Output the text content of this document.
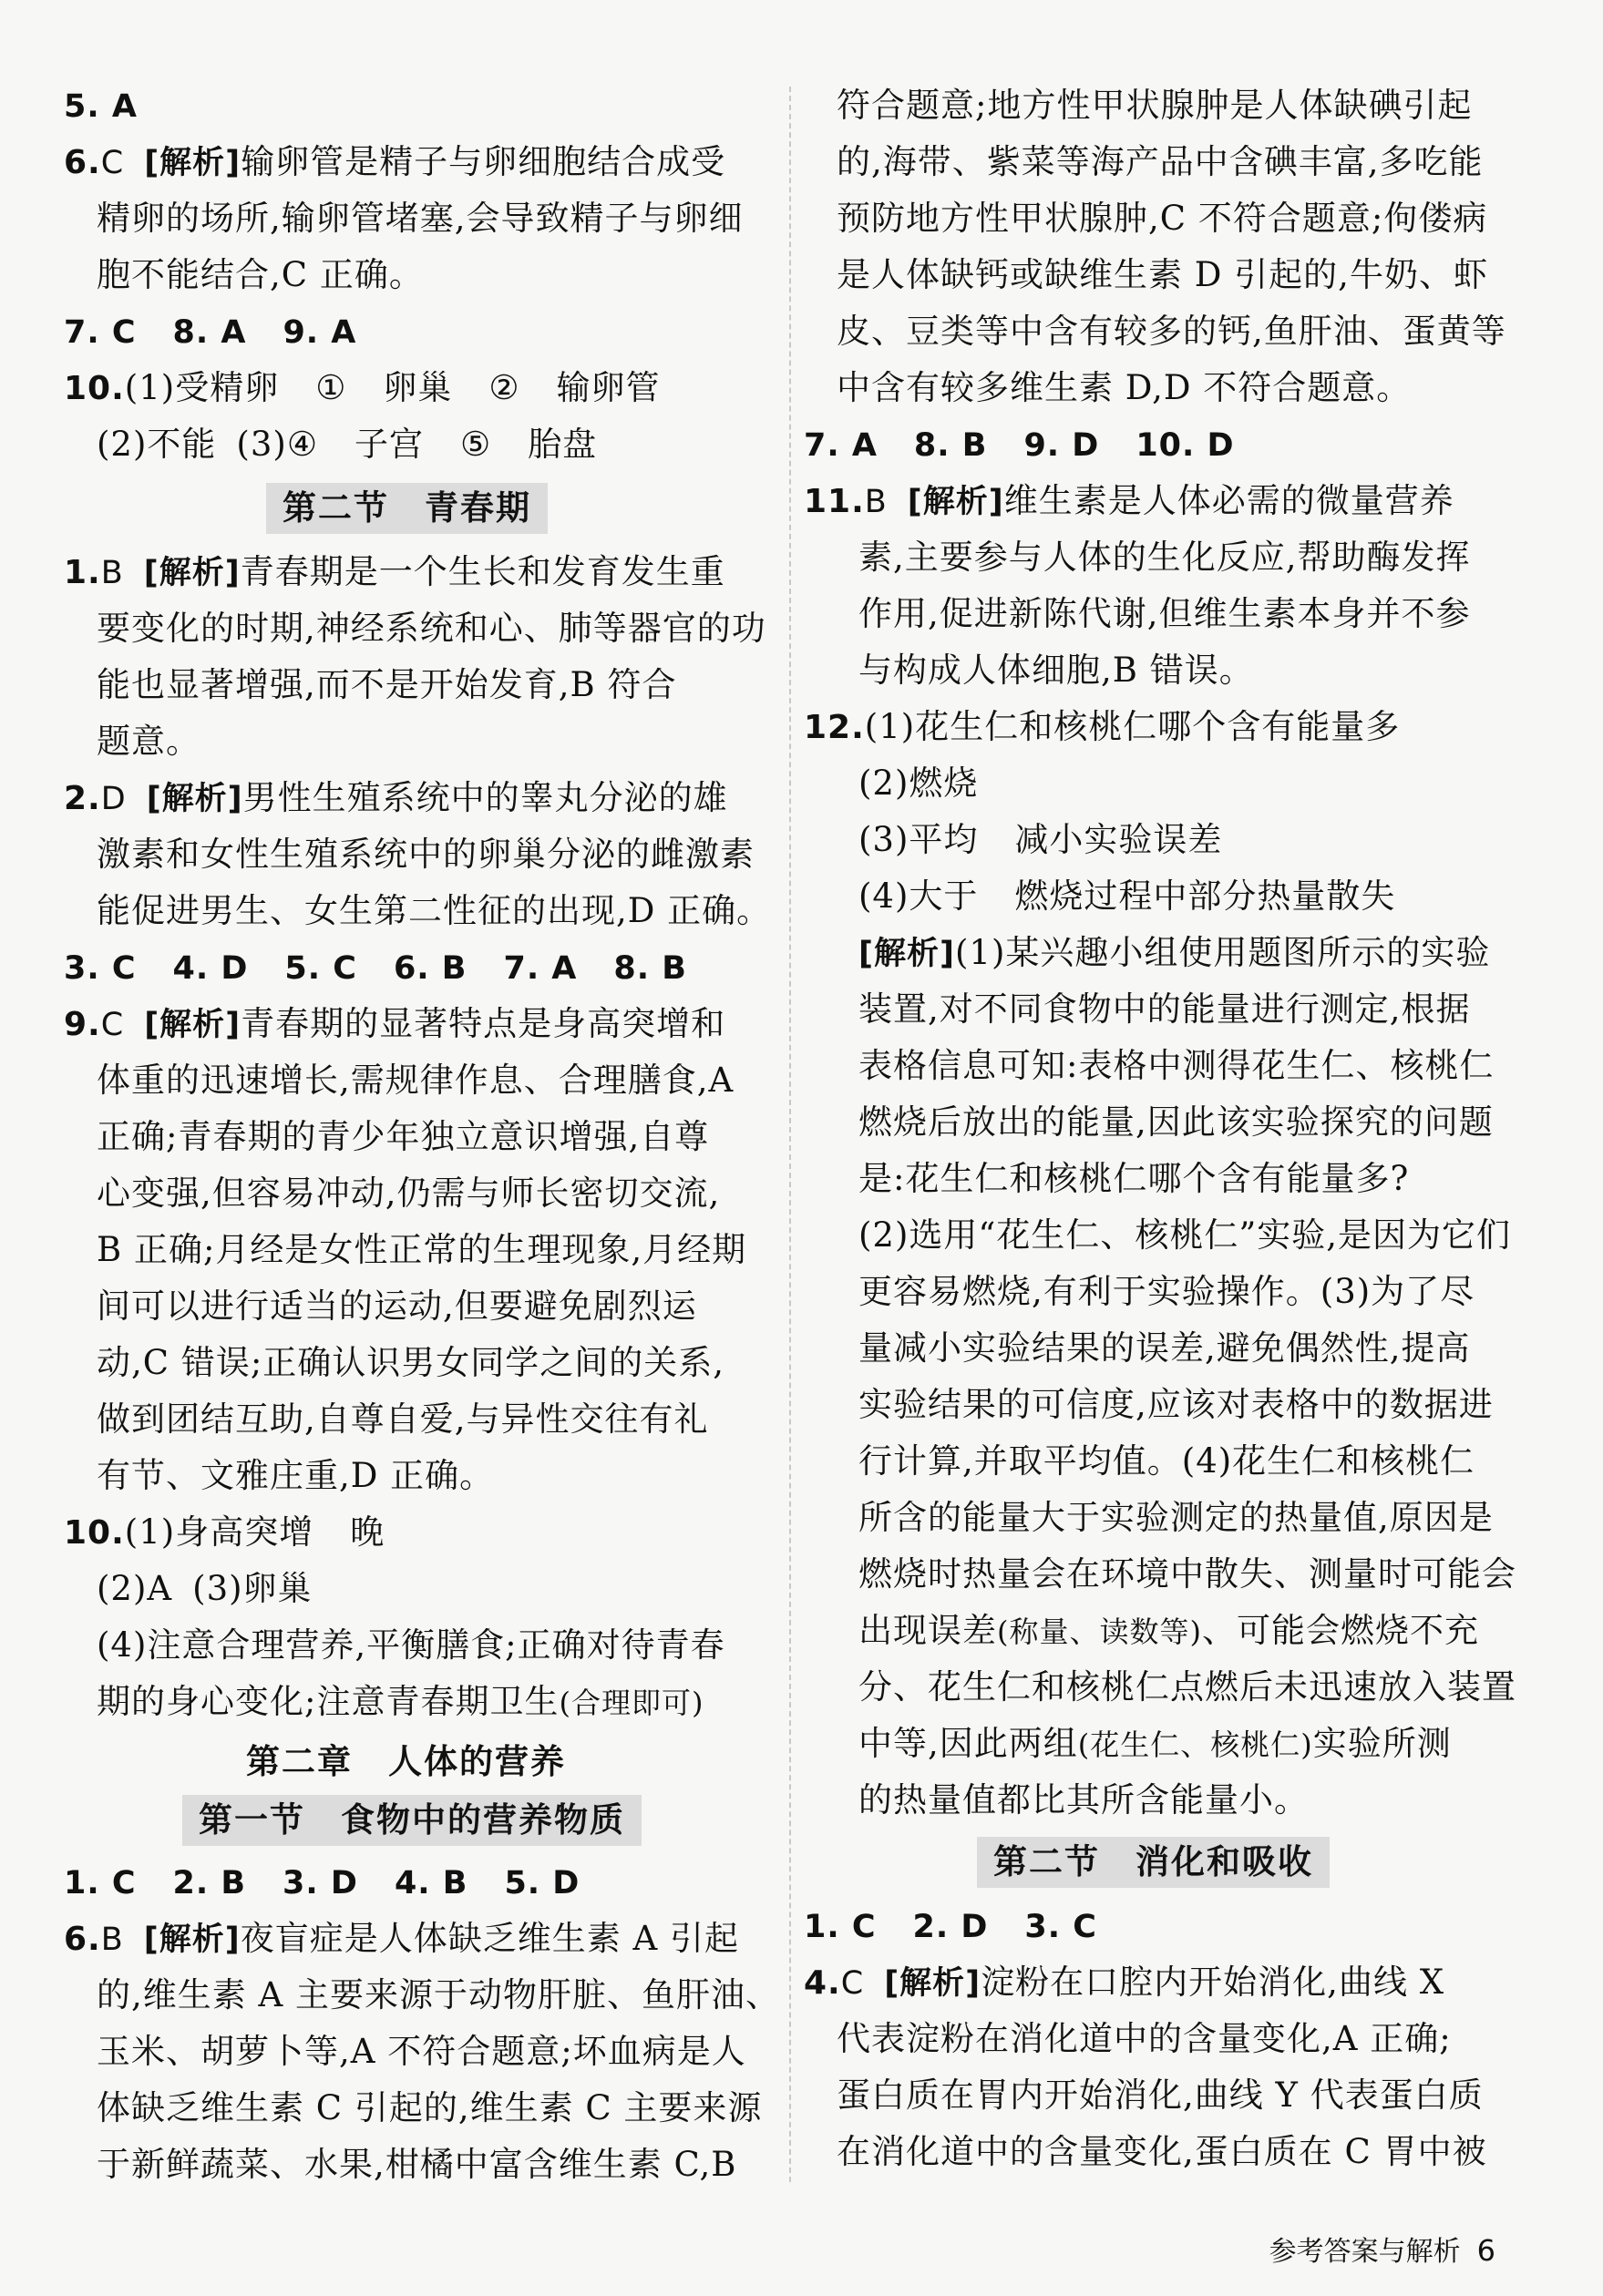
5. A
6.C [解析]输卵管是精子与卵细胞结合成受
精卵的场所,输卵管堵塞,会导致精子与卵细
胞不能结合,C 正确。
7. C 8. A 9. A
10.(1)受精卵 ① 卵巢 ② 输卵管
(2)不能 (3)④ 子宫 ⑤ 胎盘
第二节　青春期
1.B [解析]青春期是一个生长和发育发生重
要变化的时期,神经系统和心、肺等器官的功
能也显著增强,而不是开始发育,B 符合
题意。
2.D [解析]男性生殖系统中的睾丸分泌的雄
激素和女性生殖系统中的卵巢分泌的雌激素
能促进男生、女生第二性征的出现,D 正确。
3. C 4. D 5. C 6. B 7. A 8. B
9.C [解析]青春期的显著特点是身高突增和
体重的迅速增长,需规律作息、合理膳食,A
正确;青春期的青少年独立意识增强,自尊
心变强,但容易冲动,仍需与师长密切交流,
B 正确;月经是女性正常的生理现象,月经期
间可以进行适当的运动,但要避免剧烈运
动,C 错误;正确认识男女同学之间的关系,
做到团结互助,自尊自爱,与异性交往有礼
有节、文雅庄重,D 正确。
10.(1)身高突增 晚
(2)A (3)卵巢
(4)注意合理营养,平衡膳食;正确对待青春
期的身心变化;注意青春期卫生(合理即可)
第二章　人体的营养
第一节　食物中的营养物质
1. C 2. B 3. D 4. B 5. D
6.B [解析]夜盲症是人体缺乏维生素 A 引起
的,维生素 A 主要来源于动物肝脏、鱼肝油、
玉米、胡萝卜等,A 不符合题意;坏血病是人
体缺乏维生素 C 引起的,维生素 C 主要来源
于新鲜蔬菜、水果,柑橘中富含维生素 C,B
符合题意;地方性甲状腺肿是人体缺碘引起
的,海带、紫菜等海产品中含碘丰富,多吃能
预防地方性甲状腺肿,C 不符合题意;佝偻病
是人体缺钙或缺维生素 D 引起的,牛奶、虾
皮、豆类等中含有较多的钙,鱼肝油、蛋黄等
中含有较多维生素 D,D 不符合题意。
7. A 8. B 9. D 10. D
11.B [解析]维生素是人体必需的微量营养
素,主要参与人体的生化反应,帮助酶发挥
作用,促进新陈代谢,但维生素本身并不参
与构成人体细胞,B 错误。
12.(1)花生仁和核桃仁哪个含有能量多
(2)燃烧
(3)平均 减小实验误差
(4)大于 燃烧过程中部分热量散失
[解析](1)某兴趣小组使用题图所示的实验
装置,对不同食物中的能量进行测定,根据
表格信息可知:表格中测得花生仁、核桃仁
燃烧后放出的能量,因此该实验探究的问题
是:花生仁和核桃仁哪个含有能量多?
(2)选用“花生仁、核桃仁”实验,是因为它们
更容易燃烧,有利于实验操作。(3)为了尽
量减小实验结果的误差,避免偶然性,提高
实验结果的可信度,应该对表格中的数据进
行计算,并取平均值。(4)花生仁和核桃仁
所含的能量大于实验测定的热量值,原因是
燃烧时热量会在环境中散失、测量时可能会
出现误差(称量、读数等)、可能会燃烧不充
分、花生仁和核桃仁点燃后未迅速放入装置
中等,因此两组(花生仁、核桃仁)实验所测
的热量值都比其所含能量小。
第二节　消化和吸收
1. C 2. D 3. C
4.C [解析]淀粉在口腔内开始消化,曲线 X
代表淀粉在消化道中的含量变化,A 正确;
蛋白质在胃内开始消化,曲线 Y 代表蛋白质
在消化道中的含量变化,蛋白质在 C 胃中被
参考答案与解析 6
